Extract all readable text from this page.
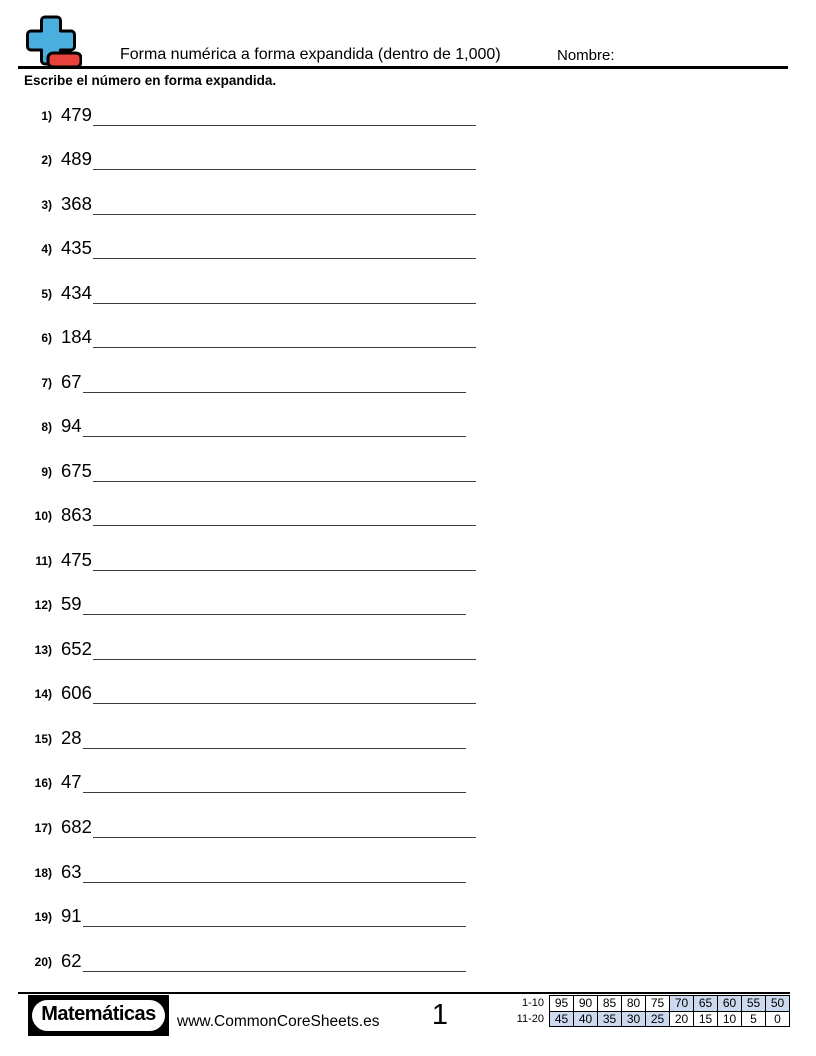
Forma numérica a forma expandida (dentro de 1,000)	Nombre:
Escribe el número en forma expandida.
1) 479
2) 489
3) 368
4) 435
5) 434
6) 184
7) 67
8) 94
9) 675
10) 863
11) 475
12) 59
13) 652
14) 606
15) 28
16) 47
17) 682
18) 63
19) 91
20) 62
Matemáticas	www.CommonCoreSheets.es	1	1-10	95	90	85	80	75	70	65	60	55	50
11-20	45	40	35	30	25	20	15	10	5	0
